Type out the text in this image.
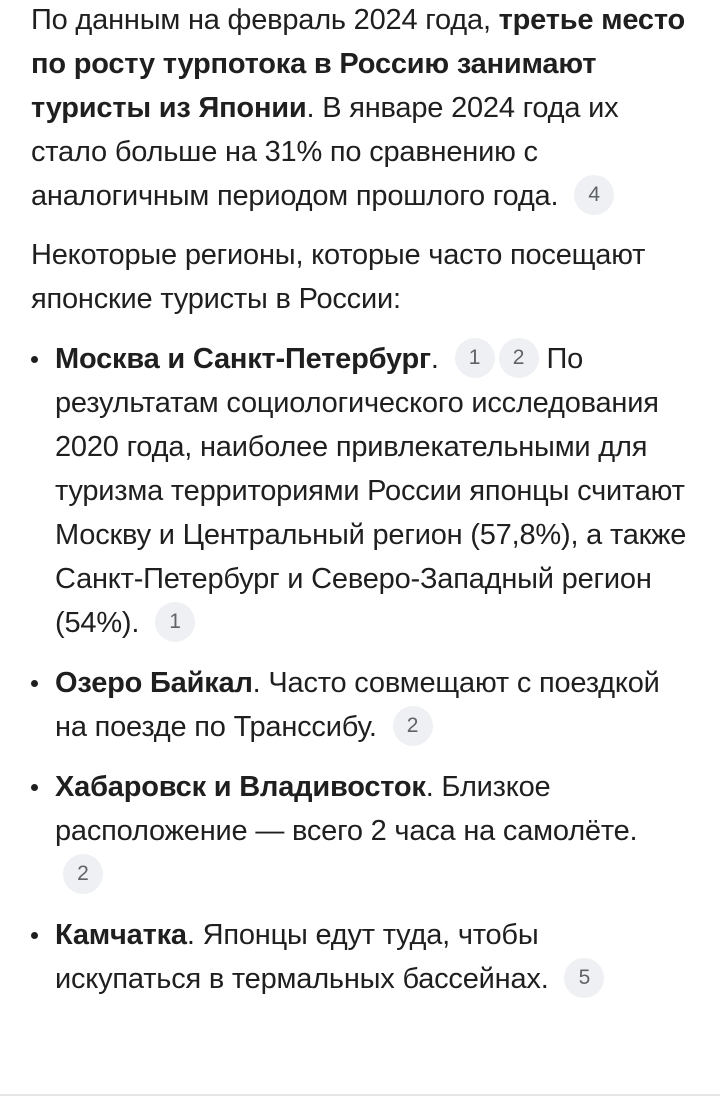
По данным на февраль 2024 года, третье место по росту турпотока в Россию занимают туристы из Японии. В январе 2024 года их стало больше на 31% по сравнению с аналогичным периодом прошлого года. 4

Некоторые регионы, которые часто посещают японские туристы в России:

Москва и Санкт-Петербург. 1 2 По результатам социологического исследования 2020 года, наиболее привлекательными для туризма территориями России японцы считают Москву и Центральный регион (57,8%), а также Санкт-Петербург и Северо-Западный регион (54%). 1
Озеро Байкал. Часто совмещают с поездкой на поезде по Транссибу. 2
Хабаровск и Владивосток. Близкое расположение — всего 2 часа на самолёте. 2
Камчатка. Японцы едут туда, чтобы искупаться в термальных бассейнах. 5
